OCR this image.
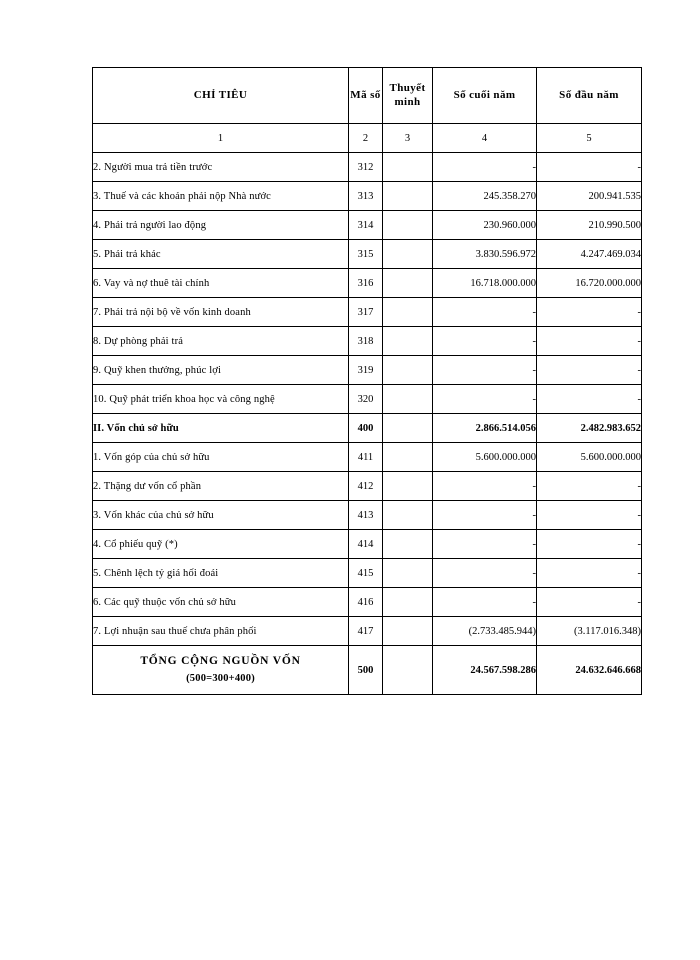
CHỈ TIÊU	Mã số	Thuyết minh	Số cuối năm	Số đầu năm
1	2	3	4	5
2. Người mua trả tiền trước	312		-	-
3. Thuế và các khoản phải nộp Nhà nước	313		245.358.270	200.941.535
4. Phải trả người lao động	314		230.960.000	210.990.500
5. Phải trả khác	315		3.830.596.972	4.247.469.034
6. Vay và nợ thuê tài chính	316		16.718.000.000	16.720.000.000
7. Phải trả nội bộ về vốn kinh doanh	317		-	-
8. Dự phòng phải trả	318		-	-
9. Quỹ khen thưởng, phúc lợi	319		-	-
10. Quỹ phát triển khoa học và công nghệ	320		-	-
II. Vốn chủ sở hữu	400		2.866.514.056	2.482.983.652
1. Vốn góp của chủ sở hữu	411		5.600.000.000	5.600.000.000
2. Thặng dư vốn cổ phần	412		-	-
3. Vốn khác của chủ sở hữu	413		-	-
4. Cổ phiếu quỹ (*)	414		-	-
5. Chênh lệch tỷ giá hối đoái	415		-	-
6. Các quỹ thuộc vốn chủ sở hữu	416		-	-
7. Lợi nhuận sau thuế chưa phân phối	417		(2.733.485.944)	(3.117.016.348)

TỔNG CỘNG NGUỒN VỐN
(500=300+400)	500		24.567.598.286	24.632.646.668
